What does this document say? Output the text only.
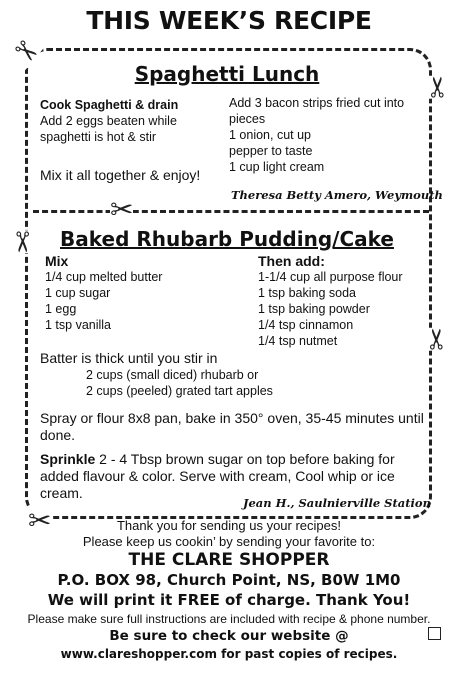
THIS WEEK’S RECIPE
✂
✂
✂
✂
✂
✂
Spaghetti Lunch

Cook Spaghetti & drain

Add 2 eggs beaten while

spaghetti is hot & stir

Add 3 bacon strips fried cut into pieces

1 onion, cut up

pepper to taste

1 cup light cream

Mix it all together & enjoy!
Theresa Betty Amero, Weymouth
Baked Rhubarb Pudding/Cake

Mix

1/4 cup melted butter

1 cup sugar

1 egg

1 tsp vanilla

Then add:

1-1/4 cup all purpose flour

1 tsp baking soda

1 tsp baking powder

1/4 tsp cinnamon

1/4 tsp nutmet

Batter is thick until you stir in

2 cups (small diced) rhubarb or

2 cups (peeled) grated tart apples

Spray or flour 8x8 pan, bake in 350° oven, 35-45 minutes until done.
Sprinkle 2 - 4 Tbsp brown sugar on top before baking for added flavour & color. Serve with cream, Cool whip or ice cream.
Jean H., Saulnierville Station
Thank you for sending us your recipes!
Please keep us cookin’ by sending your favorite to:
THE CLARE SHOPPER
P.O. BOX 98, Church Point, NS, B0W 1M0
We will print it FREE of charge. Thank You!
Please make sure full instructions are included with recipe & phone number.
Be sure to check our website @
www.clareshopper.com for past copies of recipes.
